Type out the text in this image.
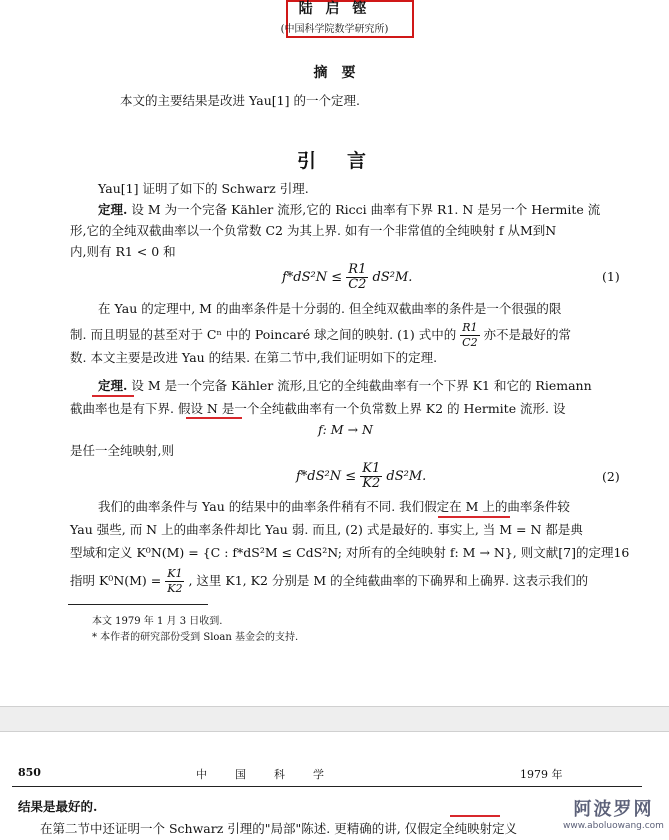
陆 启 铿
(中国科学院数学研究所)
摘　要
本文的主要结果是改进 Yau[1] 的一个定理.
引　言
Yau[1] 证明了如下的 Schwarz 引理.
定理. 设 M 为一个完备 Kähler 流形,它的 Ricci 曲率有下界 R1. N 是另一个 Hermite 流
形,它的全纯双截曲率以一个负常数 C2 为其上界. 如有一个非常值的全纯映射 f 从M到N
内,则有 R1 < 0 和
$f*dS^2N \le \frac{R1}{C2} dS^2M$.	(1)
在 Yau 的定理中, M 的曲率条件是十分弱的. 但全纯双截曲率的条件是一个很强的限
制. 而且明显的甚至对于 Cⁿ 中的 Poincaré 球之间的映射. (1) 式中的 $\frac{R1}{C2}$ 亦不是最好的常
数. 本文主要是改进 Yau 的结果. 在第二节中,我们证明如下的定理.
定理. 设 M 是一个完备 Kähler 流形,且它的全纯截曲率有一个下界 K1 和它的 Riemann
截曲率也是有下界. 假设 N 是一个全纯截曲率有一个负常数上界 K2 的 Hermite 流形. 设
f: M → N
是任一全纯映射,则
$f*dS^2N \le \frac{K1}{K2} dS^2M$.	(2)
我们的曲率条件与 Yau 的结果中的曲率条件稍有不同. 我们假定在 M 上的曲率条件较
Yau 强些, 而 N 上的曲率条件却比 Yau 弱. 而且, (2) 式是最好的. 事实上, 当 M = N 都是典
型域和定义 K⁰N(M) = {C : f*dS²M ≤ CdS²N; 对所有的全纯映射 f: M → N}, 则文献[7]的定理16
指明 $K^0N(M) = \frac{K1}{K2}$ , 这里 K1, K2 分别是 M 的全纯截曲率的下确界和上确界. 这表示我们的
本文 1979 年 1 月 3 日收到.
* 本作者的研究部份受到 Sloan 基金会的支持.
850	中　　国　　科　　学	1979 年
结果是最好的.
在第二节中还证明一个 Schwarz 引理的"局部"陈述. 更精确的讲, 仅假定全纯映射定义
阿波罗网
www.aboluowang.com
